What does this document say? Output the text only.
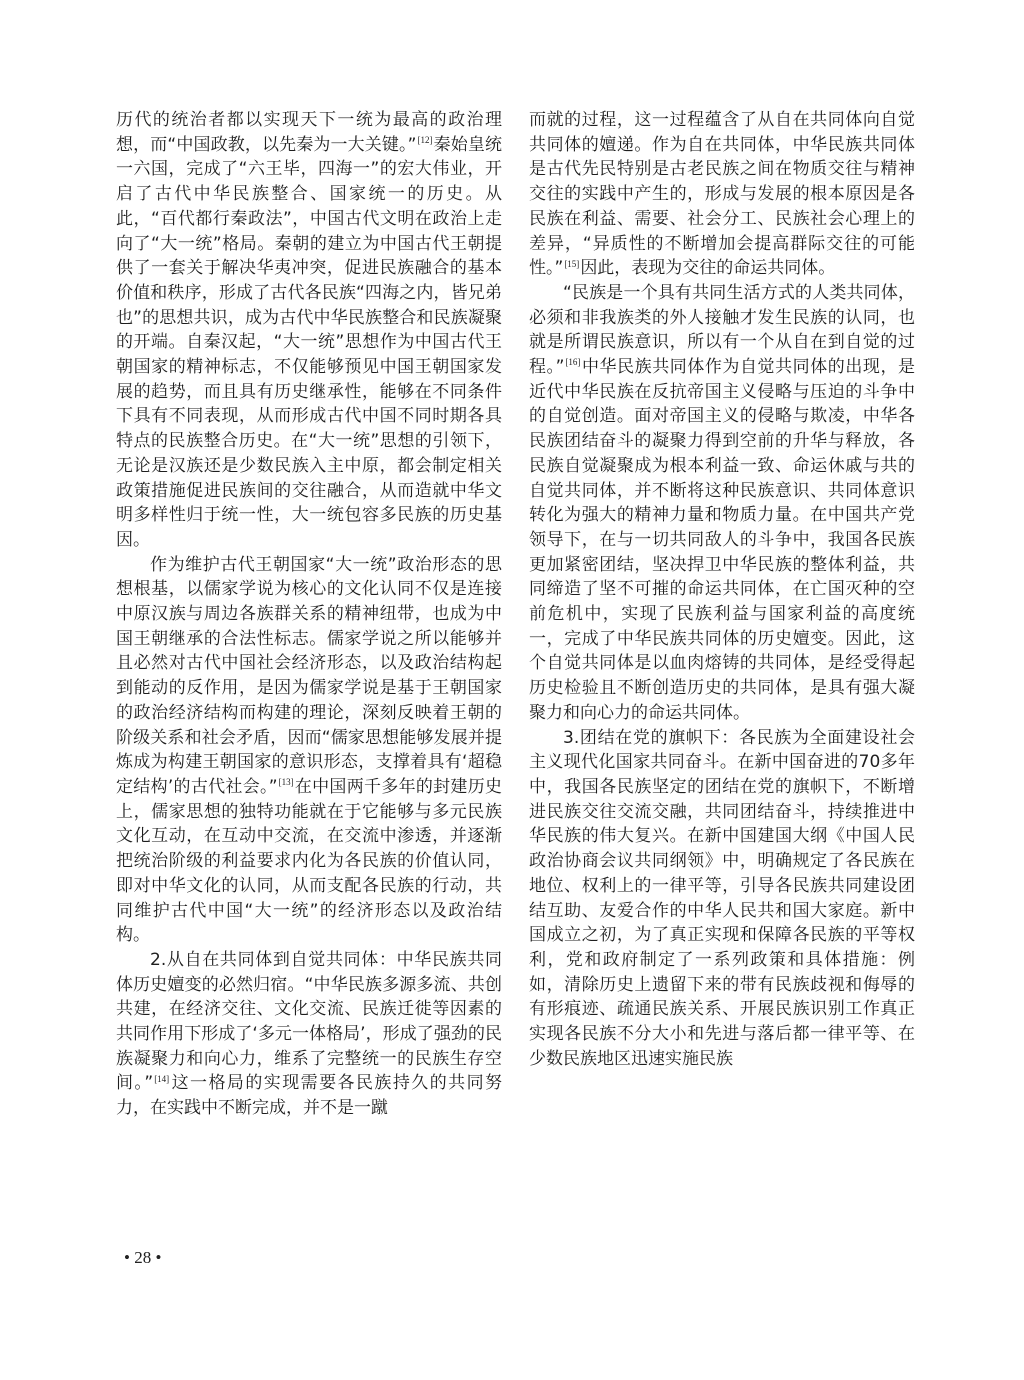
历代的统治者都以实现天下一统为最高的政治理想，而“中国政教，以先秦为一大关键。”[12]秦始皇统一六国，完成了“六王毕，四海一”的宏大伟业，开启了古代中华民族整合、国家统一的历史。从此，“百代都行秦政法”，中国古代文明在政治上走向了“大一统”格局。秦朝的建立为中国古代王朝提供了一套关于解决华夷冲突，促进民族融合的基本价值和秩序，形成了古代各民族“四海之内，皆兄弟也”的思想共识，成为古代中华民族整合和民族凝聚的开端。自秦汉起，“大一统”思想作为中国古代王朝国家的精神标志，不仅能够预见中国王朝国家发展的趋势，而且具有历史继承性，能够在不同条件下具有不同表现，从而形成古代中国不同时期各具特点的民族整合历史。在“大一统”思想的引领下，无论是汉族还是少数民族入主中原，都会制定相关政策措施促进民族间的交往融合，从而造就中华文明多样性归于统一性，大一统包容多民族的历史基因。

作为维护古代王朝国家“大一统”政治形态的思想根基，以儒家学说为核心的文化认同不仅是连接中原汉族与周边各族群关系的精神纽带，也成为中国王朝继承的合法性标志。儒家学说之所以能够并且必然对古代中国社会经济形态，以及政治结构起到能动的反作用，是因为儒家学说是基于王朝国家的政治经济结构而构建的理论，深刻反映着王朝的阶级关系和社会矛盾，因而“儒家思想能够发展并提炼成为构建王朝国家的意识形态，支撑着具有‘超稳定结构’的古代社会。”[13]在中国两千多年的封建历史上，儒家思想的独特功能就在于它能够与多元民族文化互动，在互动中交流，在交流中渗透，并逐渐把统治阶级的利益要求内化为各民族的价值认同，即对中华文化的认同，从而支配各民族的行动，共同维护古代中国“大一统”的经济形态以及政治结构。

2.从自在共同体到自觉共同体：中华民族共同体历史嬗变的必然归宿。“中华民族多源多流、共创共建，在经济交往、文化交流、民族迁徙等因素的共同作用下形成了‘多元一体格局’，形成了强劲的民族凝聚力和向心力，维系了完整统一的民族生存空间。”[14]这一格局的实现需要各民族持久的共同努力，在实践中不断完成，并不是一蹴

而就的过程，这一过程蕴含了从自在共同体向自觉共同体的嬗递。作为自在共同体，中华民族共同体是古代先民特别是古老民族之间在物质交往与精神交往的实践中产生的，形成与发展的根本原因是各民族在利益、需要、社会分工、民族社会心理上的差异，“异质性的不断增加会提高群际交往的可能性。”[15]因此，表现为交往的命运共同体。

“民族是一个具有共同生活方式的人类共同体，必须和非我族类的外人接触才发生民族的认同，也就是所谓民族意识，所以有一个从自在到自觉的过程。”[16]中华民族共同体作为自觉共同体的出现，是近代中华民族在反抗帝国主义侵略与压迫的斗争中的自觉创造。面对帝国主义的侵略与欺凌，中华各民族团结奋斗的凝聚力得到空前的升华与释放，各民族自觉凝聚成为根本利益一致、命运休戚与共的自觉共同体，并不断将这种民族意识、共同体意识转化为强大的精神力量和物质力量。在中国共产党领导下，在与一切共同敌人的斗争中，我国各民族更加紧密团结，坚决捍卫中华民族的整体利益，共同缔造了坚不可摧的命运共同体，在亡国灭种的空前危机中，实现了民族利益与国家利益的高度统一，完成了中华民族共同体的历史嬗变。因此，这个自觉共同体是以血肉熔铸的共同体，是经受得起历史检验且不断创造历史的共同体，是具有强大凝聚力和向心力的命运共同体。

3.团结在党的旗帜下：各民族为全面建设社会主义现代化国家共同奋斗。在新中国奋进的70多年中，我国各民族坚定的团结在党的旗帜下，不断增进民族交往交流交融，共同团结奋斗，持续推进中华民族的伟大复兴。在新中国建国大纲《中国人民政治协商会议共同纲领》中，明确规定了各民族在地位、权利上的一律平等，引导各民族共同建设团结互助、友爱合作的中华人民共和国大家庭。新中国成立之初，为了真正实现和保障各民族的平等权利，党和政府制定了一系列政策和具体措施：例如，清除历史上遗留下来的带有民族歧视和侮辱的有形痕迹、疏通民族关系、开展民族识别工作真正实现各民族不分大小和先进与落后都一律平等、在少数民族地区迅速实施民族

• 28 •
